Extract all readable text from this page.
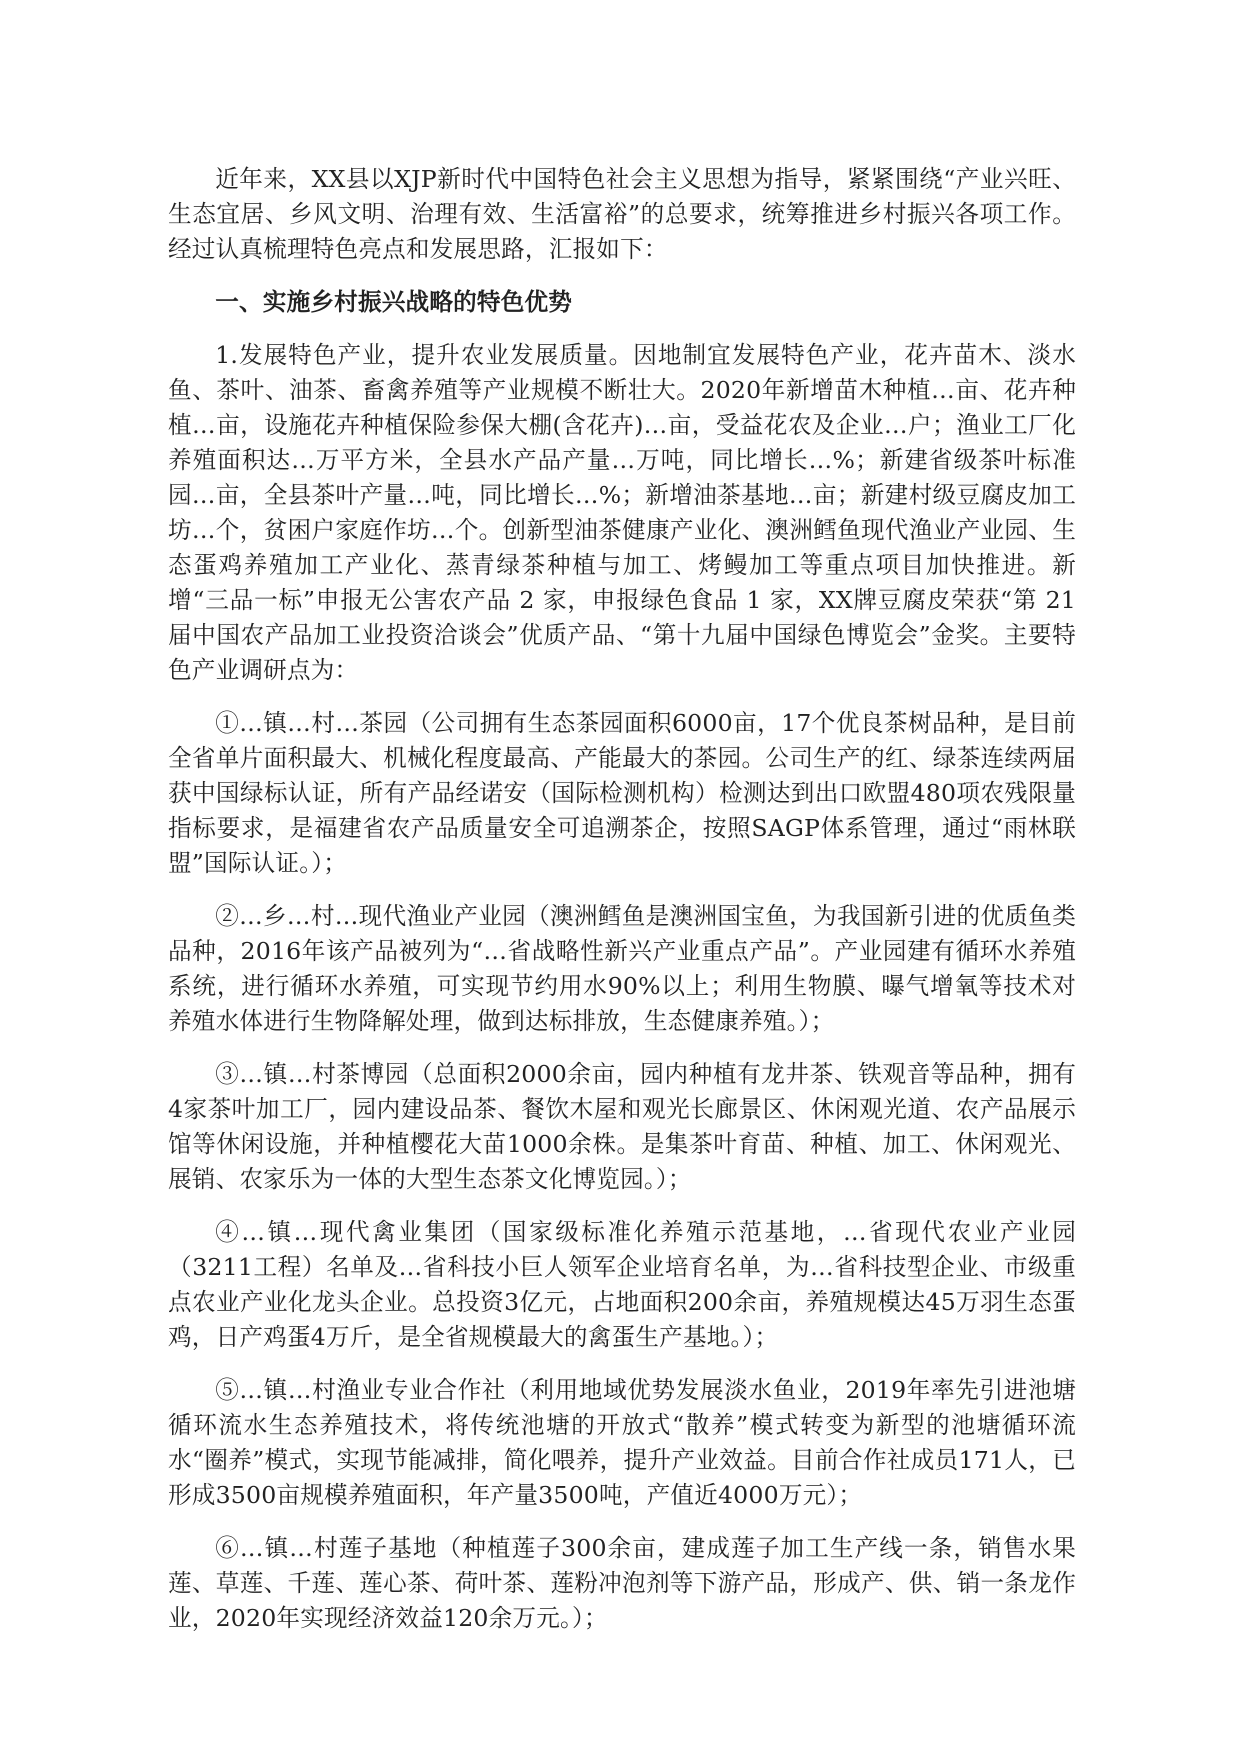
近年来，XX县以XJP新时代中国特色社会主义思想为指导，紧紧围绕“产业兴旺、生态宜居、乡风文明、治理有效、生活富裕”的总要求，统筹推进乡村振兴各项工作。经过认真梳理特色亮点和发展思路，汇报如下：

一、实施乡村振兴战略的特色优势

1.发展特色产业，提升农业发展质量。因地制宜发展特色产业，花卉苗木、淡水鱼、茶叶、油茶、畜禽养殖等产业规模不断壮大。2020年新增苗木种植…亩、花卉种植…亩，设施花卉种植保险参保大棚(含花卉)…亩，受益花农及企业…户；渔业工厂化养殖面积达…万平方米，全县水产品产量…万吨，同比增长…%；新建省级茶叶标准园…亩，全县茶叶产量…吨，同比增长…%；新增油茶基地…亩；新建村级豆腐皮加工坊…个，贫困户家庭作坊…个。创新型油茶健康产业化、澳洲鳕鱼现代渔业产业园、生态蛋鸡养殖加工产业化、蒸青绿茶种植与加工、烤鳗加工等重点项目加快推进。新增“三品一标”申报无公害农产品 2 家，申报绿色食品 1 家，XX牌豆腐皮荣获“第 21 届中国农产品加工业投资洽谈会”优质产品、“第十九届中国绿色博览会”金奖。主要特色产业调研点为：

①…镇…村…茶园（公司拥有生态茶园面积6000亩，17个优良茶树品种，是目前全省单片面积最大、机械化程度最高、产能最大的茶园。公司生产的红、绿茶连续两届获中国绿标认证，所有产品经诺安（国际检测机构）检测达到出口欧盟480项农残限量指标要求，是福建省农产品质量安全可追溯茶企，按照SAGP体系管理，通过“雨林联盟”国际认证。）；

②…乡…村…现代渔业产业园（澳洲鳕鱼是澳洲国宝鱼，为我国新引进的优质鱼类品种，2016年该产品被列为“…省战略性新兴产业重点产品”。产业园建有循环水养殖系统，进行循环水养殖，可实现节约用水90%以上；利用生物膜、曝气增氧等技术对养殖水体进行生物降解处理，做到达标排放，生态健康养殖。）；

③…镇…村茶博园（总面积2000余亩，园内种植有龙井茶、铁观音等品种，拥有4家茶叶加工厂，园内建设品茶、餐饮木屋和观光长廊景区、休闲观光道、农产品展示馆等休闲设施，并种植樱花大苗1000余株。是集茶叶育苗、种植、加工、休闲观光、展销、农家乐为一体的大型生态茶文化博览园。）；

④…镇…现代禽业集团（国家级标准化养殖示范基地，…省现代农业产业园（3211工程）名单及…省科技小巨人领军企业培育名单，为…省科技型企业、市级重点农业产业化龙头企业。总投资3亿元，占地面积200余亩，养殖规模达45万羽生态蛋鸡，日产鸡蛋4万斤，是全省规模最大的禽蛋生产基地。）；

⑤…镇…村渔业专业合作社（利用地域优势发展淡水鱼业，2019年率先引进池塘循环流水生态养殖技术，将传统池塘的开放式“散养”模式转变为新型的池塘循环流水“圈养”模式，实现节能减排，简化喂养，提升产业效益。目前合作社成员171人，已形成3500亩规模养殖面积，年产量3500吨，产值近4000万元）；

⑥…镇…村莲子基地（种植莲子300余亩，建成莲子加工生产线一条，销售水果莲、草莲、千莲、莲心茶、荷叶茶、莲粉冲泡剂等下游产品，形成产、供、销一条龙作业，2020年实现经济效益120余万元。）；
